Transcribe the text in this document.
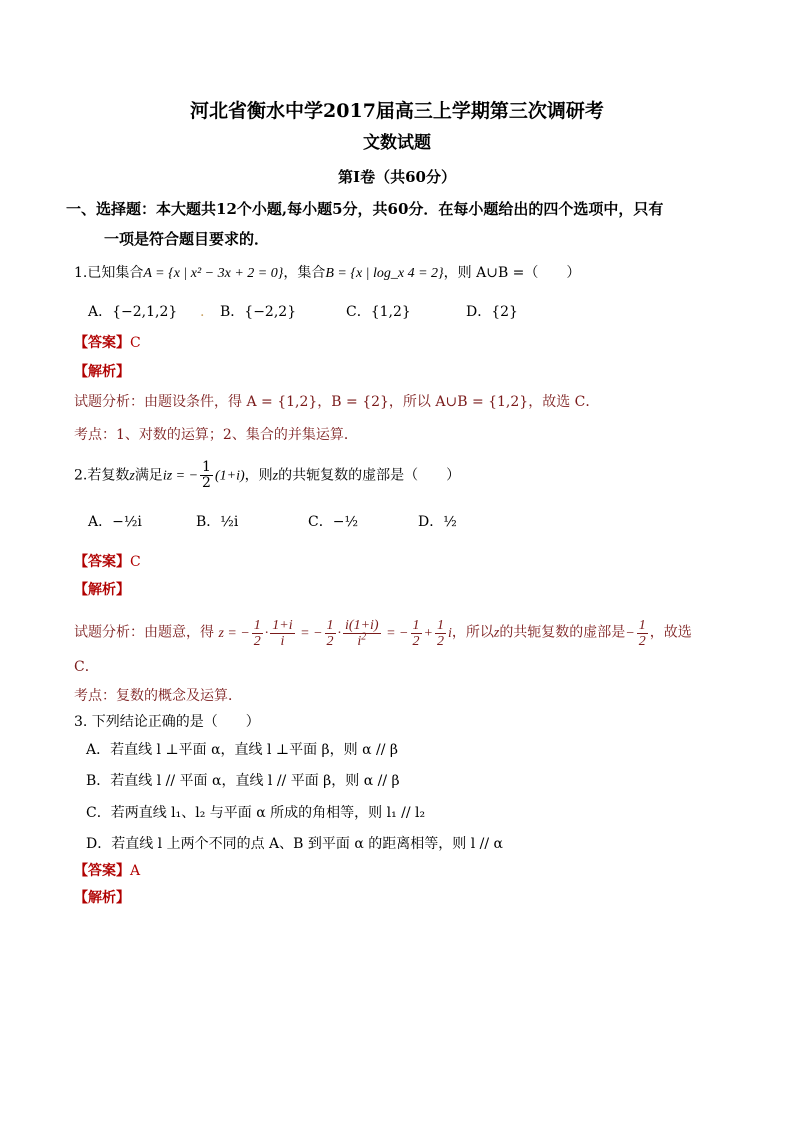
河北省衡水中学2017届高三上学期第三次调研考
文数试题
第Ⅰ卷（共60分）
一、选择题：本大题共12个小题,每小题5分，共60分．在每小题给出的四个选项中，只有
一项是符合题目要求的．
1.已知集合A = {x | x² − 3x + 2 = 0}，集合B = {x | log_x 4 = 2}，则 A∪B =（　　）
A．{−2,1,2} . B．{−2,2}	C．{1,2}	D．{2}
【答案】C
【解析】
试题分析：由题设条件，得 A = {1,2}，B = {2}，所以 A∪B = {1,2}，故选 C．
考点：1、对数的运算；2、集合的并集运算．
2.若复数z满足iz = − $\frac{1}{2} (1+i)$，则z的共轭复数的虚部是（　　）
A．−½i	B．½i	C．−½	D．½
【答案】C
【解析】
试题分析：由题意，得 z = − $\frac{1}{2} \cdot \frac{1+i}{i}$ = − $\frac{1}{2} \cdot \frac{i(1+i)}{i^2}$ = − $\frac{1}{2} + \frac{1}{2}$ i，所以z的共轭复数的虚部是− $\frac{1}{2}$ ，故选
C．
考点：复数的概念及运算．
3. 下列结论正确的是（　　）
A．若直线 l ⊥平面 α，直线 l ⊥平面 β，则 α // β
B．若直线 l // 平面 α，直线 l // 平面 β，则 α // β
C．若两直线 l₁、l₂ 与平面 α 所成的角相等，则 l₁ // l₂
D．若直线 l 上两个不同的点 A、B 到平面 α 的距离相等，则 l // α
【答案】A
【解析】
